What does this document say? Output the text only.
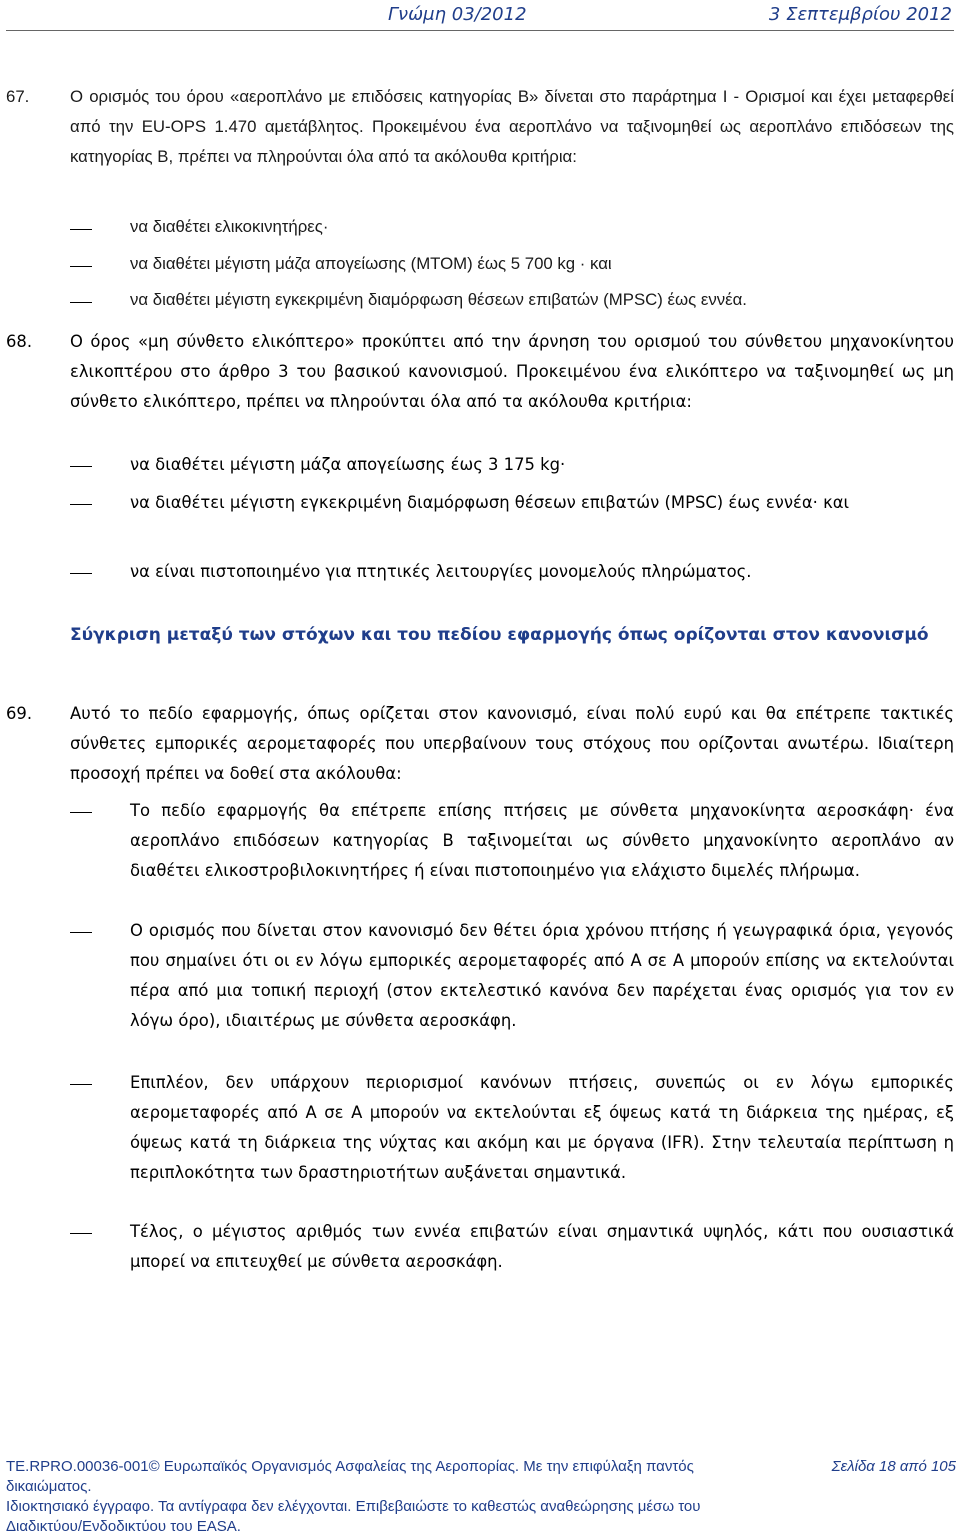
Γνώμη 03/2012	3 Σεπτεμβρίου 2012
67. Ο ορισμός του όρου «αεροπλάνο με επιδόσεις κατηγορίας Β» δίνεται στο παράρτημα I - Ορισμοί και έχει μεταφερθεί από την EU-OPS 1.470 αμετάβλητος. Προκειμένου ένα αεροπλάνο να ταξινομηθεί ως αεροπλάνο επιδόσεων της κατηγορίας Β, πρέπει να πληρούνται όλα από τα ακόλουθα κριτήρια:
να διαθέτει ελικοκινητήρες·
να διαθέτει μέγιστη μάζα απογείωσης (MTOM) έως 5 700 kg · και
να διαθέτει μέγιστη εγκεκριμένη διαμόρφωση θέσεων επιβατών (MPSC) έως εννέα.
68. Ο όρος «μη σύνθετο ελικόπτερο» προκύπτει από την άρνηση του ορισμού του σύνθετου μηχανοκίνητου ελικοπτέρου στο άρθρο 3 του βασικού κανονισμού. Προκειμένου ένα ελικόπτερο να ταξινομηθεί ως μη σύνθετο ελικόπτερο, πρέπει να πληρούνται όλα από τα ακόλουθα κριτήρια:
να διαθέτει μέγιστη μάζα απογείωσης έως 3 175 kg·
να διαθέτει μέγιστη εγκεκριμένη διαμόρφωση θέσεων επιβατών (MPSC) έως εννέα· και
να είναι πιστοποιημένο για πτητικές λειτουργίες μονομελούς πληρώματος.
Σύγκριση μεταξύ των στόχων και του πεδίου εφαρμογής όπως ορίζονται στον κανονισμό
69. Αυτό το πεδίο εφαρμογής, όπως ορίζεται στον κανονισμό, είναι πολύ ευρύ και θα επέτρεπε τακτικές σύνθετες εμπορικές αερομεταφορές που υπερβαίνουν τους στόχους που ορίζονται ανωτέρω. Ιδιαίτερη προσοχή πρέπει να δοθεί στα ακόλουθα:
Το πεδίο εφαρμογής θα επέτρεπε επίσης πτήσεις με σύνθετα μηχανοκίνητα αεροσκάφη· ένα αεροπλάνο επιδόσεων κατηγορίας Β ταξινομείται ως σύνθετο μηχανοκίνητο αεροπλάνο αν διαθέτει ελικοστροβιλοκινητήρες ή είναι πιστοποιημένο για ελάχιστο διμελές πλήρωμα.
Ο ορισμός που δίνεται στον κανονισμό δεν θέτει όρια χρόνου πτήσης ή γεωγραφικά όρια, γεγονός που σημαίνει ότι οι εν λόγω εμπορικές αερομεταφορές από Α σε Α μπορούν επίσης να εκτελούνται πέρα από μια τοπική περιοχή (στον εκτελεστικό κανόνα δεν παρέχεται ένας ορισμός για τον εν λόγω όρο), ιδιαιτέρως με σύνθετα αεροσκάφη.
Επιπλέον, δεν υπάρχουν περιορισμοί κανόνων πτήσεις, συνεπώς οι εν λόγω εμπορικές αερομεταφορές από Α σε Α μπορούν να εκτελούνται εξ όψεως κατά τη διάρκεια της ημέρας, εξ όψεως κατά τη διάρκεια της νύχτας και ακόμη και με όργανα (IFR). Στην τελευταία περίπτωση η περιπλοκότητα των δραστηριοτήτων αυξάνεται σημαντικά.
Τέλος, ο μέγιστος αριθμός των εννέα επιβατών είναι σημαντικά υψηλός, κάτι που ουσιαστικά μπορεί να επιτευχθεί με σύνθετα αεροσκάφη.
TE.RPRO.00036-001© Ευρωπαϊκός Οργανισμός Ασφαλείας της Αεροπορίας. Με την επιφύλαξη παντός δικαιώματος.
Ιδιοκτησιακό έγγραφο. Τα αντίγραφα δεν ελέγχονται. Επιβεβαιώστε το καθεστώς αναθεώρησης μέσω του Διαδικτύου/Ενδοδικτύου του EASA.
Σελίδα 18 από 105
